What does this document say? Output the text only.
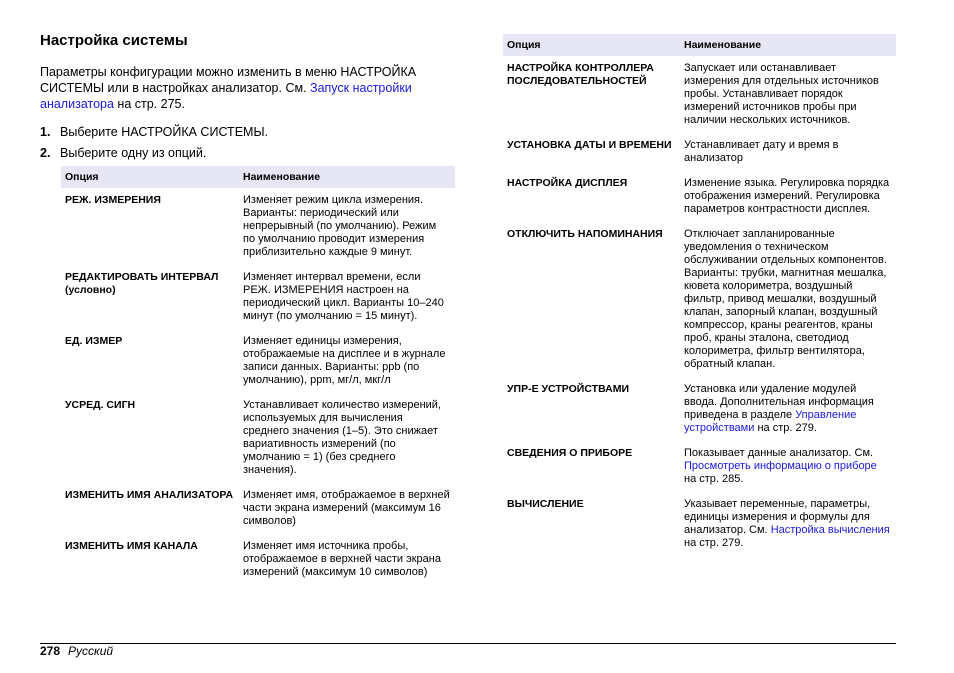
Настройка системы

Параметры конфигурации можно изменить в меню НАСТРОЙКА СИСТЕМЫ или в настройках анализатор. См. Запуск настройки анализатора на стр. 275.

1. Выберите НАСТРОЙКА СИСТЕМЫ.
2. Выберите одну из опций.
Опция	Наименование
РЕЖ. ИЗМЕРЕНИЯ	Изменяет режим цикла измерения. Варианты: периодический или непрерывный (по умолчанию). Режим по умолчанию проводит измерения приблизительно каждые 9 минут.
РЕДАКТИРОВАТЬ ИНТЕРВАЛ (условно)	Изменяет интервал времени, если РЕЖ. ИЗМЕРЕНИЯ настроен на периодический цикл. Варианты 10–240 минут (по умолчанию = 15 минут).
ЕД. ИЗМЕР	Изменяет единицы измерения, отображаемые на дисплее и в журнале записи данных. Варианты: ppb (по умолчанию), ppm, мг/л, мкг/л
УСРЕД. СИГН	Устанавливает количество измерений, используемых для вычисления среднего значения (1–5). Это снижает вариативность измерений (по умолчанию = 1) (без среднего значения).
ИЗМЕНИТЬ ИМЯ АНАЛИЗАТОРА	Изменяет имя, отображаемое в верхней части экрана измерений (максимум 16 символов)
ИЗМЕНИТЬ ИМЯ КАНАЛА	Изменяет имя источника пробы, отображаемое в верхней части экрана измерений (максимум 10 символов)
Опция	Наименование
НАСТРОЙКА КОНТРОЛЛЕРА ПОСЛЕДОВАТЕЛЬНОСТЕЙ	Запускает или останавливает измерения для отдельных источников пробы. Устанавливает порядок измерений источников пробы при наличии нескольких источников.
УСТАНОВКА ДАТЫ И ВРЕМЕНИ	Устанавливает дату и время в анализатор
НАСТРОЙКА ДИСПЛЕЯ	Изменение языка. Регулировка порядка отображения измерений. Регулировка параметров контрастности дисплея.
ОТКЛЮЧИТЬ НАПОМИНАНИЯ	Отключает запланированные уведомления о техническом обслуживании отдельных компонентов. Варианты: трубки, магнитная мешалка, кювета колориметра, воздушный фильтр, привод мешалки, воздушный клапан, запорный клапан, воздушный компрессор, краны реагентов, краны проб, краны эталона, светодиод колориметра, фильтр вентилятора, обратный клапан.
УПР-Е УСТРОЙСТВАМИ	Установка или удаление модулей ввода. Дополнительная информация приведена в разделе Управление устройствами на стр. 279.
СВЕДЕНИЯ О ПРИБОРЕ	Показывает данные анализатор. См. Просмотреть информацию о приборе на стр. 285.
ВЫЧИСЛЕНИЕ	Указывает переменные, параметры, единицы измерения и формулы для анализатор. См. Настройка вычисления на стр. 279.
278 Русский
